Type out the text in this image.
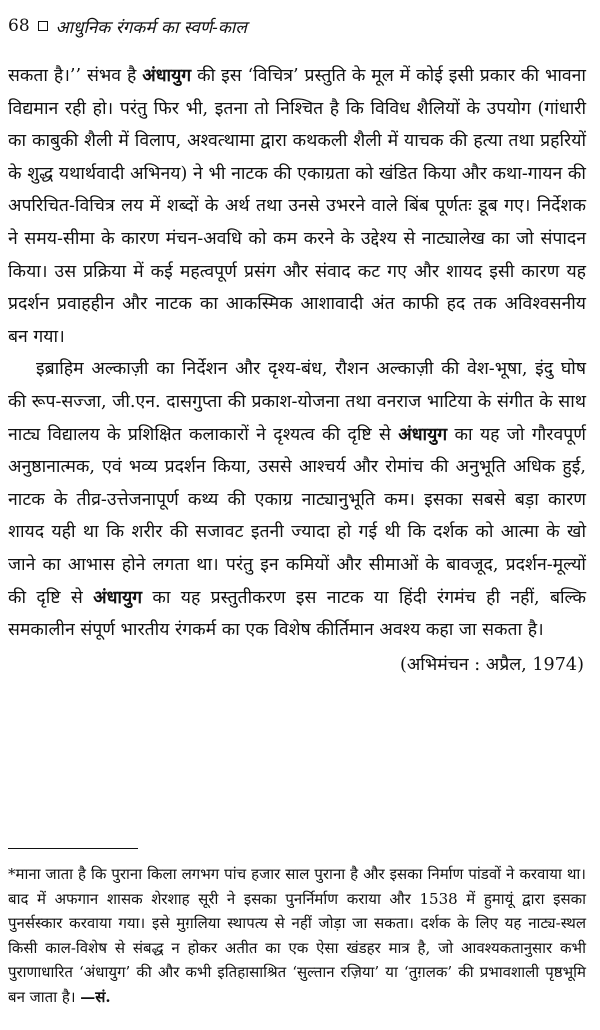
68 आधुनिक रंगकर्म का स्वर्ण-काल

सकता है।’’ संभव है अंधायुग की इस ‘विचित्र’ प्रस्तुति के मूल में कोई इसी प्रकार की भावना विद्यमान रही हो। परंतु फिर भी, इतना तो निश्चित है कि विविध शैलियों के उपयोग (गांधारी का काबुकी शैली में विलाप, अश्वत्थामा द्वारा कथकली शैली में याचक की हत्या तथा प्रहरियों के शुद्ध यथार्थवादी अभिनय) ने भी नाटक की एकाग्रता को खंडित किया और कथा-गायन की अपरिचित-विचित्र लय में शब्दों के अर्थ तथा उनसे उभरने वाले बिंब पूर्णतः डूब गए। निर्देशक ने समय-सीमा के कारण मंचन-अवधि को कम करने के उद्देश्य से नाट्यालेख का जो संपादन किया। उस प्रक्रिया में कई महत्वपूर्ण प्रसंग और संवाद कट गए और शायद इसी कारण यह प्रदर्शन प्रवाहहीन और नाटक का आकस्मिक आशावादी अंत काफी हद तक अविश्वसनीय बन गया।

इब्राहिम अल्काज़ी का निर्देशन और दृश्य-बंध, रौशन अल्काज़ी की वेश-भूषा, इंदु घोष की रूप-सज्जा, जी.एन. दासगुप्ता की प्रकाश-योजना तथा वनराज भाटिया के संगीत के साथ नाट्य विद्यालय के प्रशिक्षित कलाकारों ने दृश्यत्व की दृष्टि से अंधायुग का यह जो गौरवपूर्ण अनुष्ठानात्मक, एवं भव्य प्रदर्शन किया, उससे आश्चर्य और रोमांच की अनुभूति अधिक हुई, नाटक के तीव्र-उत्तेजनापूर्ण कथ्य की एकाग्र नाट्यानुभूति कम। इसका सबसे बड़ा कारण शायद यही था कि शरीर की सजावट इतनी ज्यादा हो गई थी कि दर्शक को आत्मा के खो जाने का आभास होने लगता था। परंतु इन कमियों और सीमाओं के बावजूद, प्रदर्शन-मूल्यों की दृष्टि से अंधायुग का यह प्रस्तुतीकरण इस नाटक या हिंदी रंगमंच ही नहीं, बल्कि समकालीन संपूर्ण भारतीय रंगकर्म का एक विशेष कीर्तिमान अवश्य कहा जा सकता है।

(अभिमंचन : अप्रैल, 1974)

*माना जाता है कि पुराना किला लगभग पांच हजार साल पुराना है और इसका निर्माण पांडवों ने करवाया था। बाद में अफगान शासक शेरशाह सूरी ने इसका पुनर्निर्माण कराया और 1538 में हुमायूं द्वारा इसका पुनर्सस्कार करवाया गया। इसे मुग़लिया स्थापत्य से नहीं जोड़ा जा सकता। दर्शक के लिए यह नाट्य-स्थल किसी काल-विशेष से संबद्ध न होकर अतीत का एक ऐसा खंडहर मात्र है, जो आवश्यकतानुसार कभी पुराणाधारित ‘अंधायुग’ की और कभी इतिहासाश्रित ‘सुल्तान रज़िया’ या ‘तुग़लक’ की प्रभावशाली पृष्ठभूमि बन जाता है। —सं.
